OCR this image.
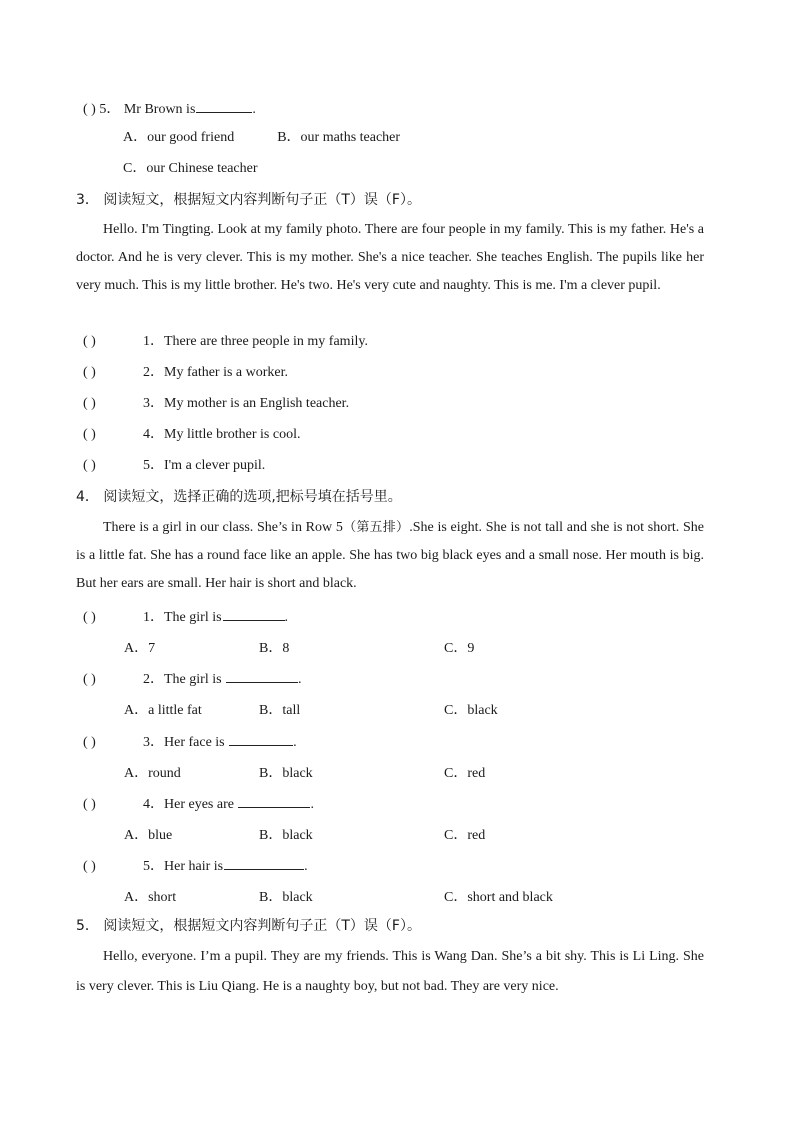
( ) 5． Mr Brown is	.
A．our good friend	B．our maths teacher
C．our Chinese teacher
3． 阅读短文，根据短文内容判断句子正（T）误（F）。
Hello. I'm Tingting. Look at my family photo. There are four people in my family. This is my father. He's a doctor. And he is very clever. This is my mother. She's a nice teacher. She teaches English. The pupils like her very much. This is my little brother. He's two. He's very cute and naughty. This is me. I'm a clever pupil.
( )	1．There are three people in my family.
( )	2．My father is a worker.
( )	3．My mother is an English teacher.
( )	4．My little brother is cool.
( )	5．I'm a clever pupil.
4． 阅读短文，选择正确的选项,把标号填在括号里。
There is a girl in our class. She’s in Row 5（第五排）.She is eight. She is not tall and she is not short. She is a little fat. She has a round face like an apple. She has two big black eyes and a small nose. Her mouth is big. But her ears are small. Her hair is short and black.
( )	1．The girl is	.
A．7	B．8	C．9
( )	2．The girl is	.
A．a little fat	B．tall	C．black
( )	3．Her face is	.
A．round	B．black	C．red
( )	4．Her eyes are	.
A．blue	B．black	C．red
( )	5．Her hair is	.
A．short	B．black	C．short and black
5． 阅读短文，根据短文内容判断句子正（T）误（F）。
Hello, everyone. I’m a pupil. They are my friends. This is Wang Dan. She’s a bit shy. This is Li Ling. She is very clever. This is Liu Qiang. He is a naughty boy, but not bad. They are very nice.
